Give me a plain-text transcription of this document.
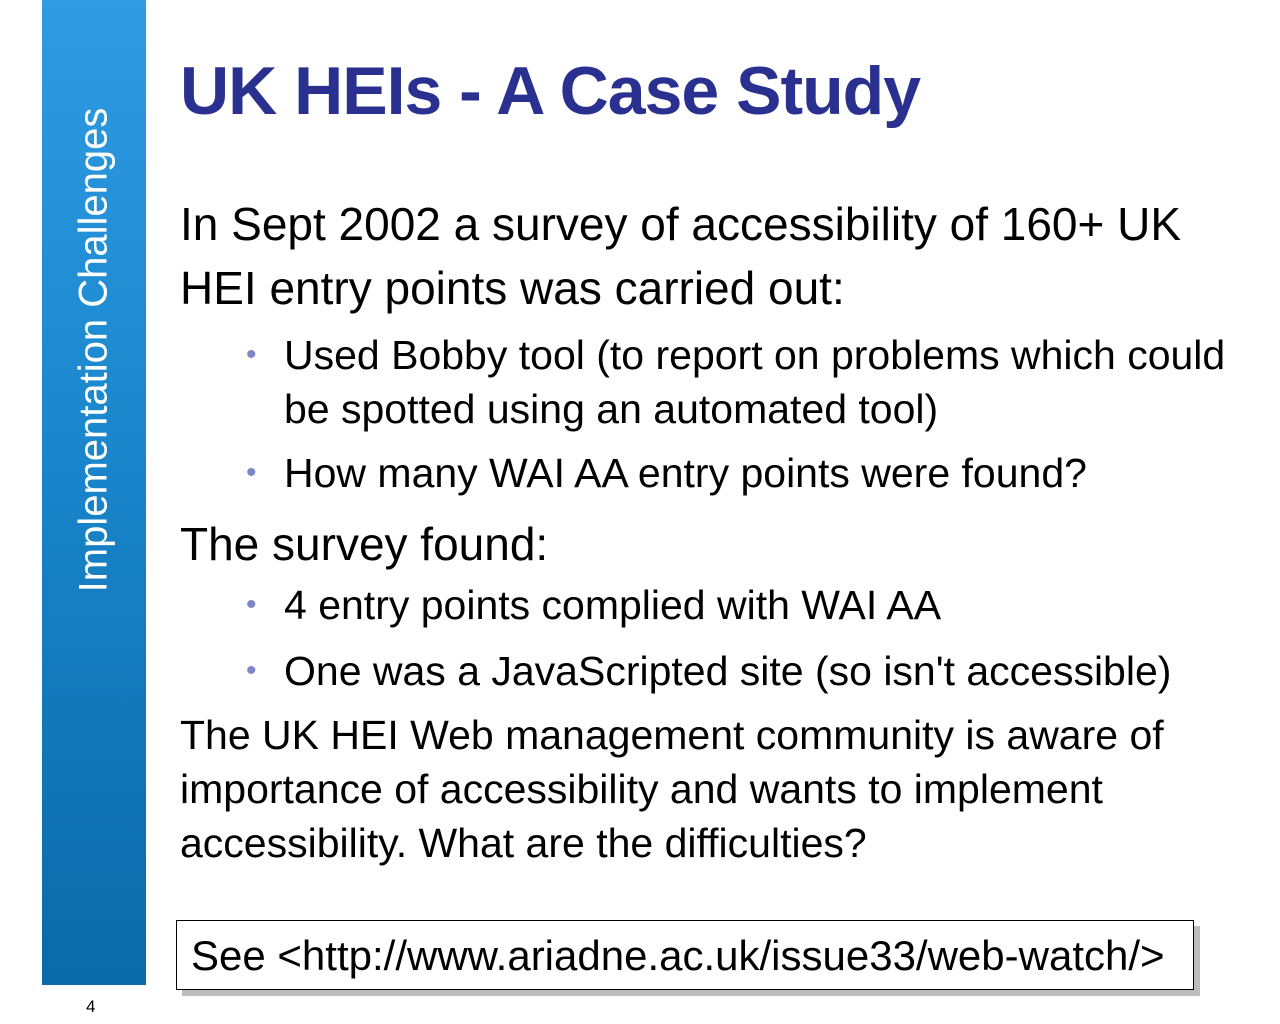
Implementation Challenges
UK HEIs - A Case Study

In Sept 2002 a survey of accessibility of 160+ UK HEI entry points was carried out:

• Used Bobby tool (to report on problems which could be spotted using an automated tool)
• How many WAI AA entry points were found?

The survey found:

• 4 entry points complied with WAI AA
• One was a JavaScripted site (so isn't accessible)

The UK HEI Web management community is aware of importance of accessibility and wants to implement accessibility. What are the difficulties?

See <http://www.ariadne.ac.uk/issue33/web-watch/>
4
